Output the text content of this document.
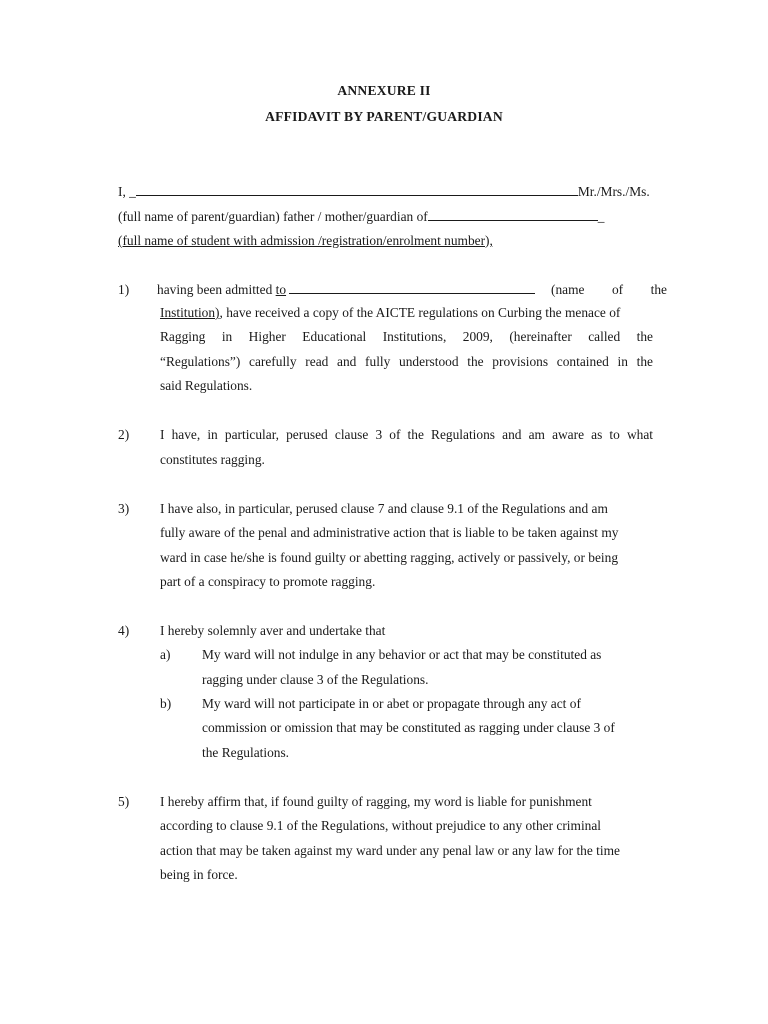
ANNEXURE II
AFFIDAVIT BY PARENT/GUARDIAN
I, _	Mr./Mrs./Ms.
(full name of parent/guardian) father / mother/guardian of	_
(full name of student with admission /registration/enrolment number),
1) having been admitted to	(name of the
Institution), have received a copy of the AICTE regulations on Curbing the menace of
Ragging in Higher Educational Institutions, 2009, (hereinafter called the
“Regulations”) carefully read and fully understood the provisions contained in the
said Regulations.
2) I have, in particular, perused clause 3 of the Regulations and am aware as to what
constitutes ragging.
3) I have also, in particular, perused clause 7 and clause 9.1 of the Regulations and am
fully aware of the penal and administrative action that is liable to be taken against my
ward in case he/she is found guilty or abetting ragging, actively or passively, or being
part of a conspiracy to promote ragging.
4) I hereby solemnly aver and undertake that
a) My ward will not indulge in any behavior or act that may be constituted as
ragging under clause 3 of the Regulations.
b) My ward will not participate in or abet or propagate through any act of
commission or omission that may be constituted as ragging under clause 3 of
the Regulations.
5) I hereby affirm that, if found guilty of ragging, my word is liable for punishment
according to clause 9.1 of the Regulations, without prejudice to any other criminal
action that may be taken against my ward under any penal law or any law for the time
being in force.
